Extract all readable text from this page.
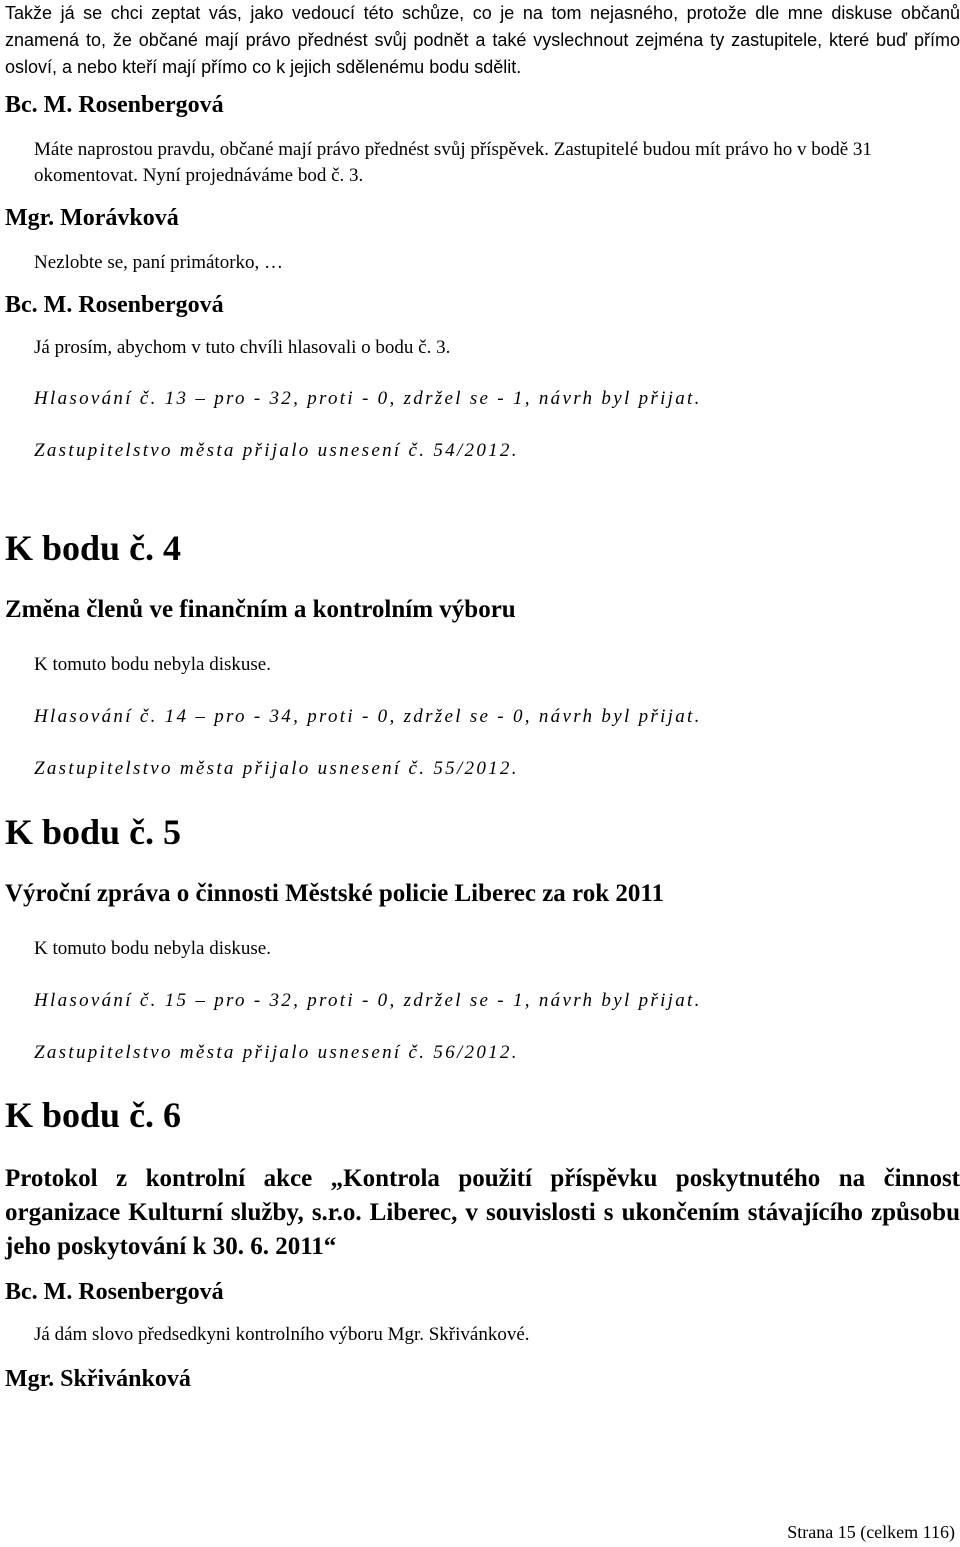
Takže já se chci zeptat vás, jako vedoucí této schůze, co je na tom nejasného, protože dle mne diskuse občanů znamená to, že občané mají právo přednést svůj podnět a také vyslechnout zejména ty zastupitele, které buď přímo osloví, a nebo kteří mají přímo co k jejich sdělenému bodu sdělit.

Bc. M. Rosenbergová

Máte naprostou pravdu, občané mají právo přednést svůj příspěvek. Zastupitelé budou mít právo ho v bodě 31 okomentovat. Nyní projednáváme bod č. 3.

Mgr. Morávková

Nezlobte se, paní primátorko, …

Bc. M. Rosenbergová

Já prosím, abychom v tuto chvíli hlasovali o bodu č. 3.

Hlasování č. 13 – pro - 32, proti - 0, zdržel se - 1, návrh byl přijat.
Zastupitelstvo města přijalo usnesení č. 54/2012.
K bodu č. 4
Změna členů ve finančním a kontrolním výboru

K tomuto bodu nebyla diskuse.

Hlasování č. 14 – pro - 34, proti - 0, zdržel se - 0, návrh byl přijat.
Zastupitelstvo města přijalo usnesení č. 55/2012.
K bodu č. 5
Výroční zpráva o činnosti Městské policie Liberec za rok 2011

K tomuto bodu nebyla diskuse.

Hlasování č. 15 – pro - 32, proti - 0, zdržel se - 1, návrh byl přijat.
Zastupitelstvo města přijalo usnesení č. 56/2012.
K bodu č. 6
Protokol z kontrolní akce „Kontrola použití příspěvku poskytnutého na činnost organizace Kulturní služby, s.r.o. Liberec, v souvislosti s ukončením stávajícího způsobu jeho poskytování k 30. 6. 2011“
Bc. M. Rosenbergová

Já dám slovo předsedkyni kontrolního výboru Mgr. Skřivánkové.

Mgr. Skřivánková
Strana 15 (celkem 116)
